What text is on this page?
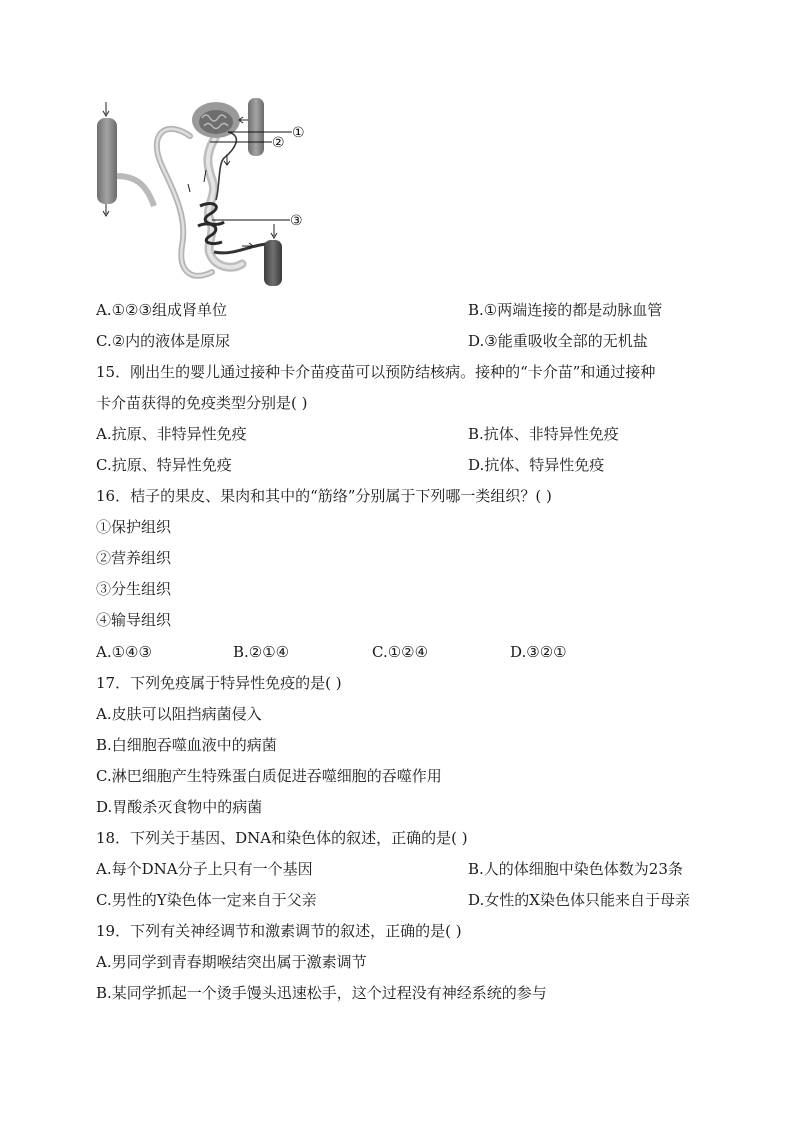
①
②
③
A.①②③组成肾单位	B.①两端连接的都是动脉血管
C.②内的液体是原尿	D.③能重吸收全部的无机盐
15．刚出生的婴儿通过接种卡介苗疫苗可以预防结核病。接种的“卡介苗”和通过接种
卡介苗获得的免疫类型分别是( )
A.抗原、非特异性免疫	B.抗体、非特异性免疫
C.抗原、特异性免疫	D.抗体、特异性免疫
16．桔子的果皮、果肉和其中的“筋络”分别属于下列哪一类组织？( )
①保护组织
②营养组织
③分生组织
④输导组织
A.①④③	B.②①④	C.①②④	D.③②①
17．下列免疫属于特异性免疫的是( )
A.皮肤可以阻挡病菌侵入
B.白细胞吞噬血液中的病菌
C.淋巴细胞产生特殊蛋白质促进吞噬细胞的吞噬作用
D.胃酸杀灭食物中的病菌
18．下列关于基因、DNA和染色体的叙述，正确的是( )
A.每个DNA分子上只有一个基因	B.人的体细胞中染色体数为23条
C.男性的Y染色体一定来自于父亲	D.女性的X染色体只能来自于母亲
19．下列有关神经调节和激素调节的叙述，正确的是( )
A.男同学到青春期喉结突出属于激素调节
B.某同学抓起一个烫手馒头迅速松手，这个过程没有神经系统的参与
